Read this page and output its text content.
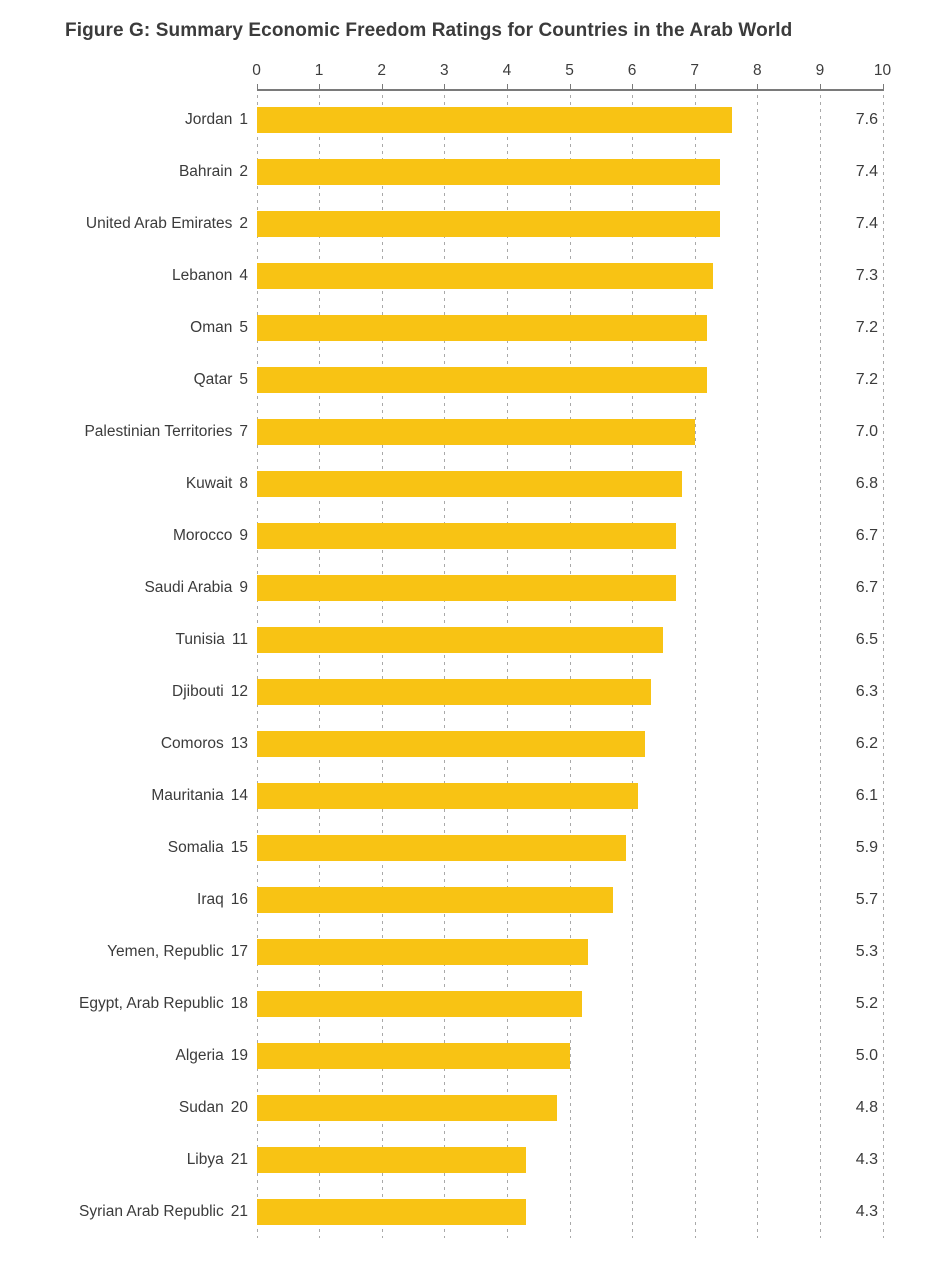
Figure G: Summary Economic Freedom Ratings for Countries in the Arab World
0	1	2	3	4	5	6	7	8	9	10
Jordan 1	7.6
Bahrain 2	7.4
United Arab Emirates 2	7.4
Lebanon 4	7.3
Oman 5	7.2
Qatar 5	7.2
Palestinian Territories 7	7.0
Kuwait 8	6.8
Morocco 9	6.7
Saudi Arabia 9	6.7
Tunisia 11	6.5
Djibouti 12	6.3
Comoros 13	6.2
Mauritania 14	6.1
Somalia 15	5.9
Iraq 16	5.7
Yemen, Republic 17	5.3
Egypt, Arab Republic 18	5.2
Algeria 19	5.0
Sudan 20	4.8
Libya 21	4.3
Syrian Arab Republic 21	4.3
